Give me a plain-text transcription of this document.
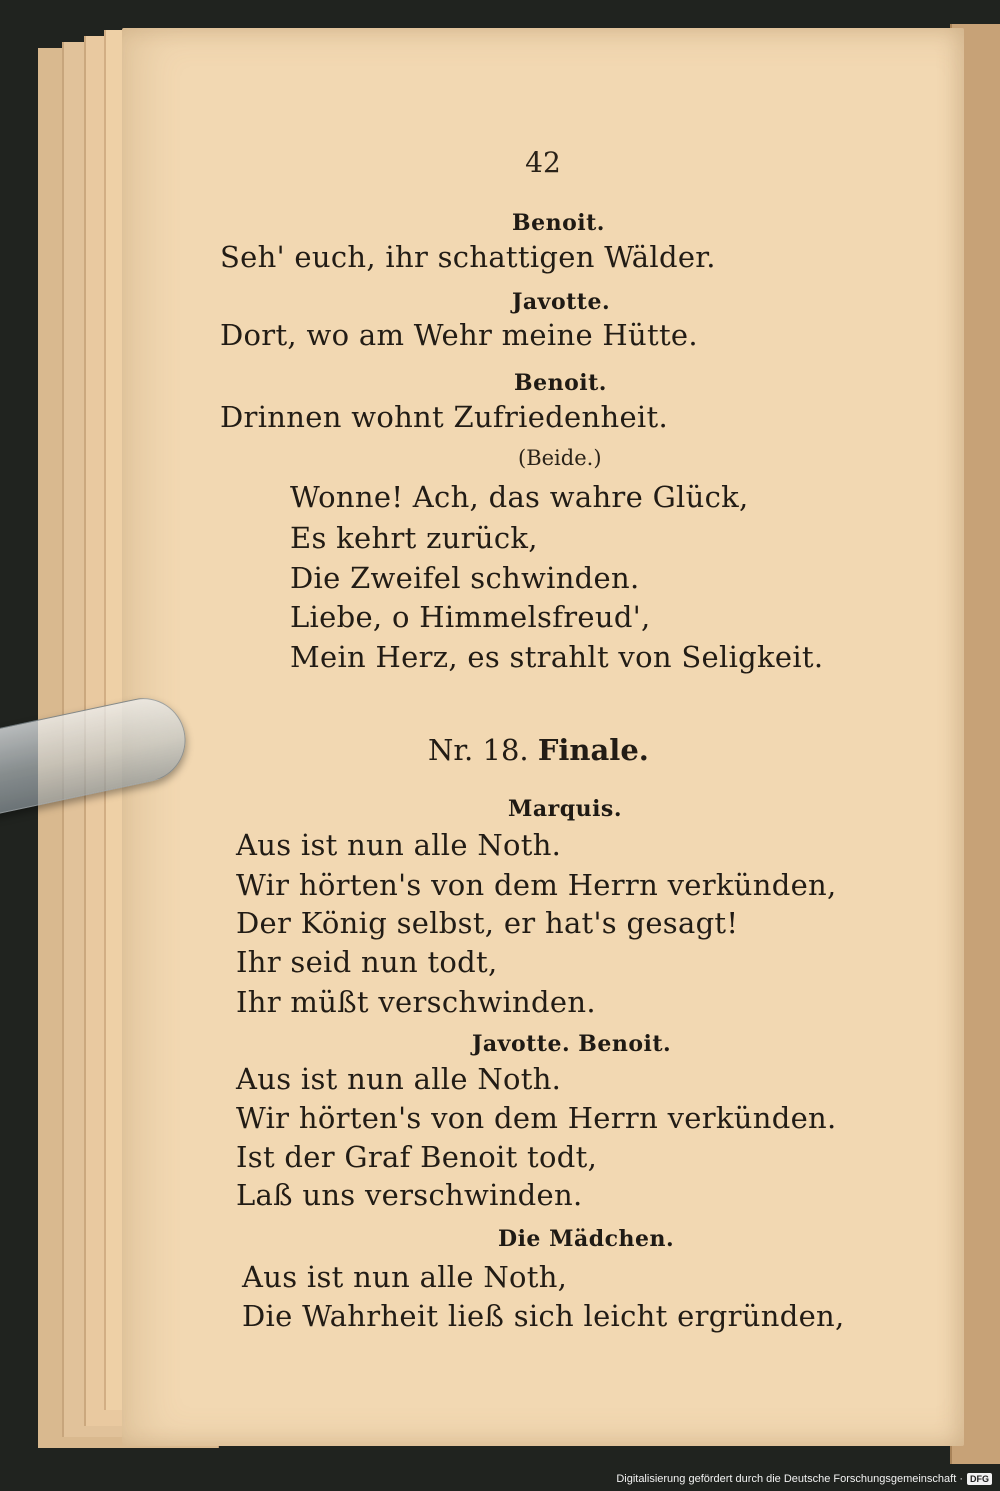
42
Benoit.
Seh' euch, ihr schattigen Wälder.
Javotte.
Dort, wo am Wehr meine Hütte.
Benoit.
Drinnen wohnt Zufriedenheit.
(Beide.)
Wonne! Ach, das wahre Glück,
Es kehrt zurück,
Die Zweifel schwinden.
Liebe, o Himmelsfreud',
Mein Herz, es strahlt von Seligkeit.
Nr. 18. Finale.
Marquis.
Aus ist nun alle Noth.
Wir hörten's von dem Herrn verkünden,
Der König selbst, er hat's gesagt!
Ihr seid nun todt,
Ihr müßt verschwinden.
Javotte. Benoit.
Aus ist nun alle Noth.
Wir hörten's von dem Herrn verkünden.
Ist der Graf Benoit todt,
Laß uns verschwinden.
Die Mädchen.
Aus ist nun alle Noth,
Die Wahrheit ließ sich leicht ergründen,
Digitalisierung gefördert durch die Deutsche Forschungsgemeinschaft · DFG
